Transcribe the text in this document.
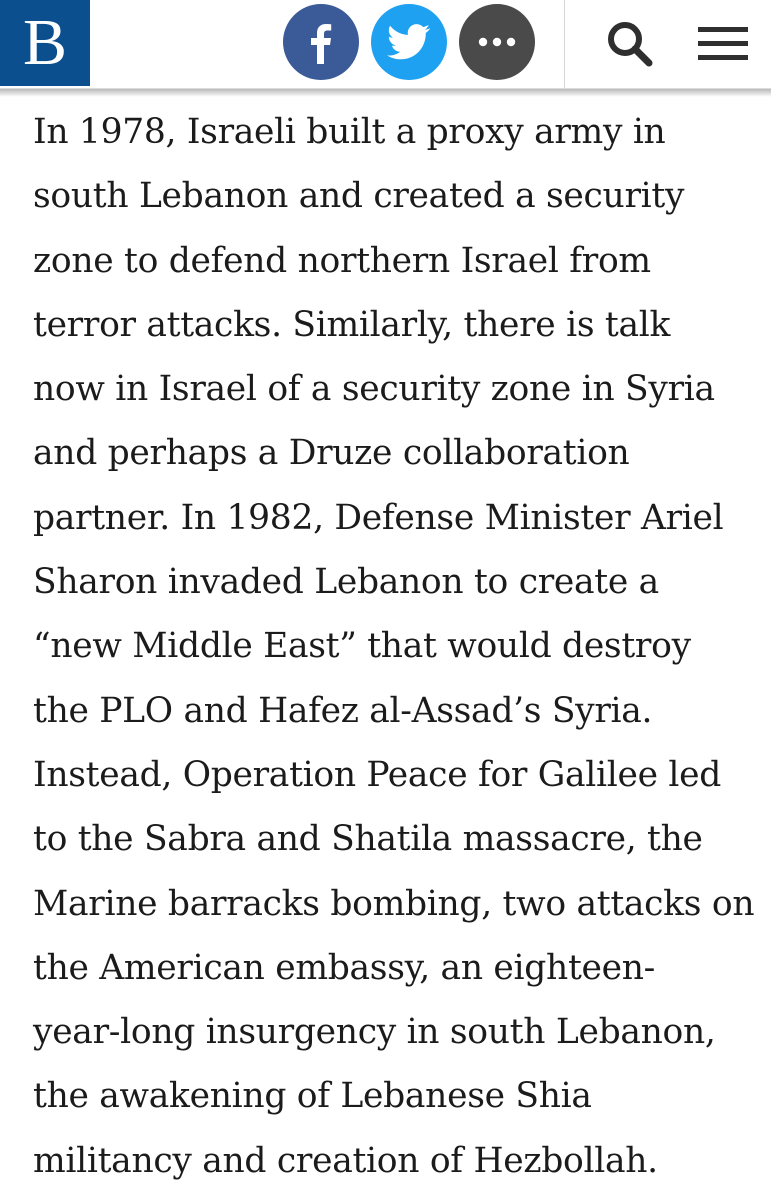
B

In 1978, Israeli built a proxy army in
south Lebanon and created a security
zone to defend northern Israel from
terror attacks. Similarly, there is talk
now in Israel of a security zone in Syria
and perhaps a Druze collaboration
partner. In 1982, Defense Minister Ariel
Sharon invaded Lebanon to create a
“new Middle East” that would destroy
the PLO and Hafez al-Assad’s Syria.
Instead, Operation Peace for Galilee led
to the Sabra and Shatila massacre, the
Marine barracks bombing, two attacks on
the American embassy, an eighteen-
year-long insurgency in south Lebanon,
the awakening of Lebanese Shia
militancy and creation of Hezbollah.
